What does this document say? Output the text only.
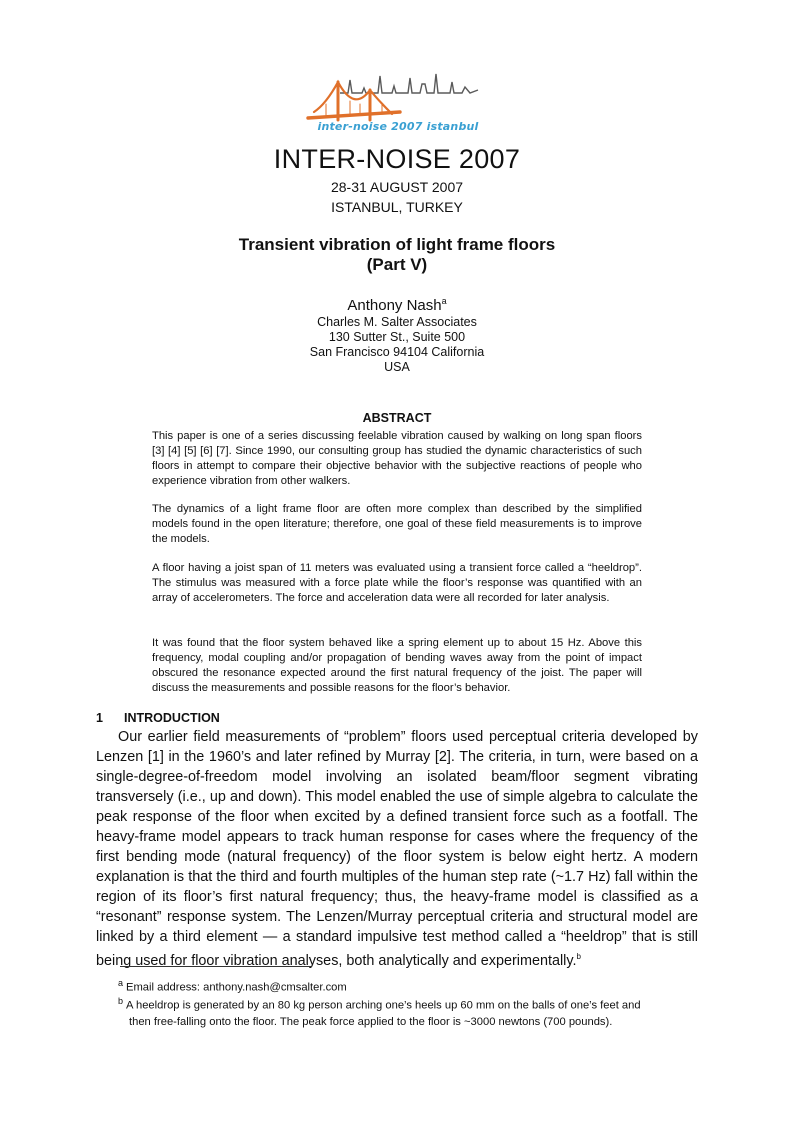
inter-noise 2007 istanbul
INTER-NOISE 2007
28-31 AUGUST 2007
ISTANBUL, TURKEY
Transient vibration of light frame floors
(Part V)
Anthony Nash$^a$
Charles M. Salter Associates
130 Sutter St., Suite 500
San Francisco 94104 California
USA
ABSTRACT

This paper is one of a series discussing feelable vibration caused by walking on long span floors [3] [4] [5] [6] [7]. Since 1990, our consulting group has studied the dynamic characteristics of such floors in attempt to compare their objective behavior with the subjective reactions of people who experience vibration from other walkers.

The dynamics of a light frame floor are often more complex than described by the simplified models found in the open literature; therefore, one goal of these field measurements is to improve the models.

A floor having a joist span of 11 meters was evaluated using a transient force called a “heeldrop”. The stimulus was measured with a force plate while the floor’s response was quantified with an array of accelerometers. The force and acceleration data were all recorded for later analysis.

It was found that the floor system behaved like a spring element up to about 15 Hz. Above this frequency, modal coupling and/or propagation of bending waves away from the point of impact obscured the resonance expected around the first natural frequency of the joist. The paper will discuss the measurements and possible reasons for the floor’s behavior.

1 INTRODUCTION

Our earlier field measurements of “problem” floors used perceptual criteria developed by Lenzen [1] in the 1960’s and later refined by Murray [2]. The criteria, in turn, were based on a single-degree-of-freedom model involving an isolated beam/floor segment vibrating transversely (i.e., up and down). This model enabled the use of simple algebra to calculate the peak response of the floor when excited by a defined transient force such as a footfall. The heavy-frame model appears to track human response for cases where the frequency of the first bending mode (natural frequency) of the floor system is below eight hertz. A modern explanation is that the third and fourth multiples of the human step rate (~1.7 Hz) fall within the region of its floor’s first natural frequency; thus, the heavy-frame model is classified as a “resonant” response system. The Lenzen/Murray perceptual criteria and structural model are linked by a third element — a standard impulsive test method called a “heeldrop” that is still being used for floor vibration analyses, both analytically and experimentally.$^b$

$^a$ Email address: anthony.nash@cmsalter.com

$^b$ A heeldrop is generated by an 80 kg person arching one’s heels up 60 mm on the balls of one’s feet and
then free-falling onto the floor. The peak force applied to the floor is ~3000 newtons (700 pounds).
